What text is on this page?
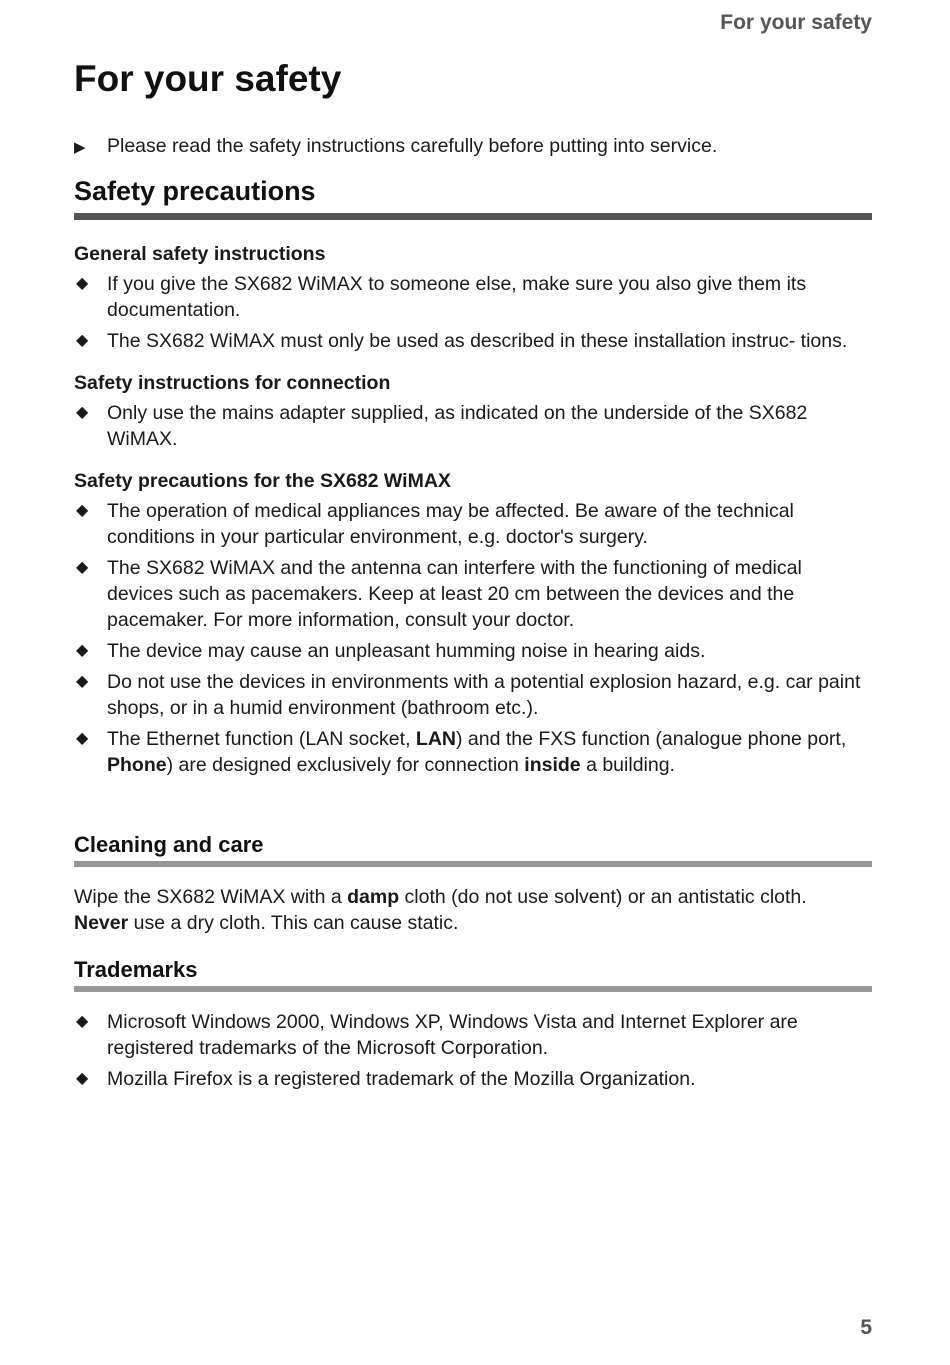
For your safety
For your safety
▶ Please read the safety instructions carefully before putting into service.
Safety precautions
General safety instructions
◆ If you give the SX682 WiMAX to someone else, make sure you also give them its documentation.
◆ The SX682 WiMAX must only be used as described in these installation instruc- tions.
Safety instructions for connection
◆ Only use the mains adapter supplied, as indicated on the underside of the SX682 WiMAX.
Safety precautions for the SX682 WiMAX
◆ The operation of medical appliances may be affected. Be aware of the technical conditions in your particular environment, e.g. doctor's surgery.
◆ The SX682 WiMAX and the antenna can interfere with the functioning of medical devices such as pacemakers. Keep at least 20 cm between the devices and the pacemaker. For more information, consult your doctor.
◆ The device may cause an unpleasant humming noise in hearing aids.
◆ Do not use the devices in environments with a potential explosion hazard, e.g. car paint shops, or in a humid environment (bathroom etc.).
◆ The Ethernet function (LAN socket, LAN) and the FXS function (analogue phone port, Phone) are designed exclusively for connection inside a building.
Cleaning and care
Wipe the SX682 WiMAX with a damp cloth (do not use solvent) or an antistatic cloth.
Never use a dry cloth. This can cause static.
Trademarks
◆ Microsoft Windows 2000, Windows XP, Windows Vista and Internet Explorer are registered trademarks of the Microsoft Corporation.
◆ Mozilla Firefox is a registered trademark of the Mozilla Organization.
5
